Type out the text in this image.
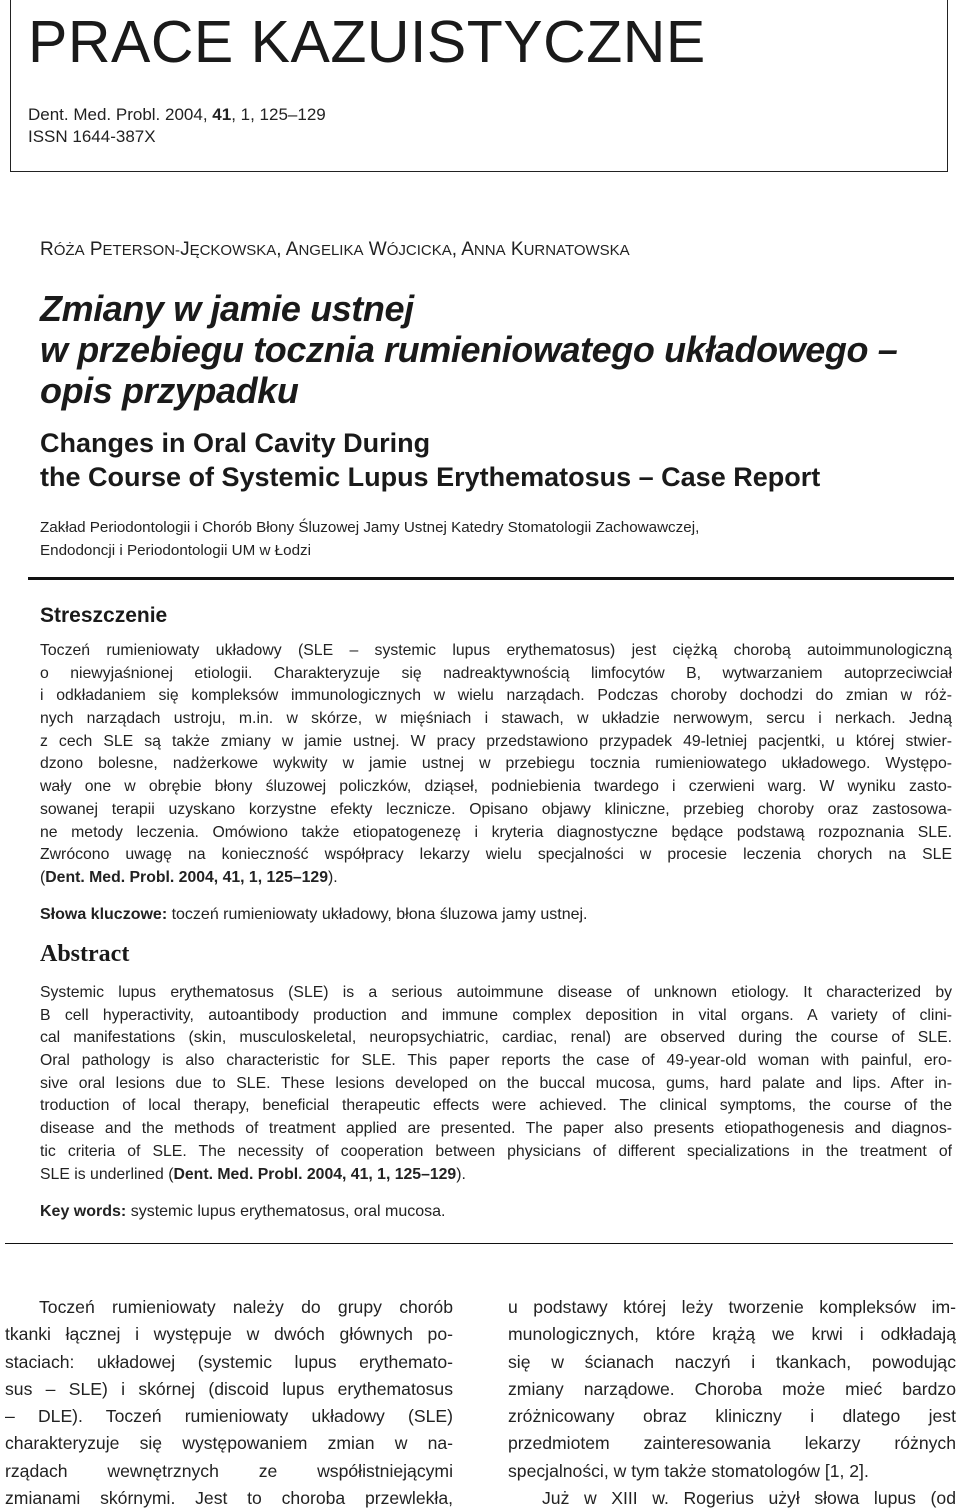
PRACE KAZUISTYCZNE
Dent. Med. Probl. 2004, 41, 1, 125–129
ISSN 1644-387X
RÓŻA PETERSON-JĘCKOWSKA, ANGELIKA WÓJCICKA, ANNA KURNATOWSKA
Zmiany w jamie ustnej
w przebiegu tocznia rumieniowatego układowego –
opis przypadku
Changes in Oral Cavity During
the Course of Systemic Lupus Erythematosus – Case Report
Zakład Periodontologii i Chorób Błony Śluzowej Jamy Ustnej Katedry Stomatologii Zachowawczej,
Endodoncji i Periodontologii UM w Łodzi
Streszczenie
Toczeń rumieniowaty układowy (SLE – systemic lupus erythematosus) jest ciężką chorobą autoimmunologiczną
o niewyjaśnionej etiologii. Charakteryzuje się nadreaktywnością limfocytów B, wytwarzaniem autoprzeciwciał
i odkładaniem się kompleksów immunologicznych w wielu narządach. Podczas choroby dochodzi do zmian w róż-
nych narządach ustroju, m.in. w skórze, w mięśniach i stawach, w układzie nerwowym, sercu i nerkach. Jedną
z cech SLE są także zmiany w jamie ustnej. W pracy przedstawiono przypadek 49-letniej pacjentki, u której stwier-
dzono bolesne, nadżerkowe wykwity w jamie ustnej w przebiegu tocznia rumieniowatego układowego. Występo-
wały one w obrębie błony śluzowej policzków, dziąseł, podniebienia twardego i czerwieni warg. W wyniku zasto-
sowanej terapii uzyskano korzystne efekty lecznicze. Opisano objawy kliniczne, przebieg choroby oraz zastosowa-
ne metody leczenia. Omówiono także etiopatogenezę i kryteria diagnostyczne będące podstawą rozpoznania SLE.
Zwrócono uwagę na konieczność współpracy lekarzy wielu specjalności w procesie leczenia chorych na SLE
(Dent. Med. Probl. 2004, 41, 1, 125–129).
Słowa kluczowe: toczeń rumieniowaty układowy, błona śluzowa jamy ustnej.
Abstract
Systemic lupus erythematosus (SLE) is a serious autoimmune disease of unknown etiology. It characterized by
B cell hyperactivity, autoantibody production and immune complex deposition in vital organs. A variety of clini-
cal manifestations (skin, musculoskeletal, neuropsychiatric, cardiac, renal) are observed during the course of SLE.
Oral pathology is also characteristic for SLE. This paper reports the case of 49-year-old woman with painful, ero-
sive oral lesions due to SLE. These lesions developed on the buccal mucosa, gums, hard palate and lips. After in-
troduction of local therapy, beneficial therapeutic effects were achieved. The clinical symptoms, the course of the
disease and the methods of treatment applied are presented. The paper also presents etiopathogenesis and diagnos-
tic criteria of SLE. The necessity of cooperation between physicians of different specializations in the treatment of
SLE is underlined (Dent. Med. Probl. 2004, 41, 1, 125–129).
Key words: systemic lupus erythematosus, oral mucosa.
Toczeń rumieniowaty należy do grupy chorób
tkanki łącznej i występuje w dwóch głównych po-
staciach: układowej (systemic lupus erythemato-
sus – SLE) i skórnej (discoid lupus erythematosus
– DLE). Toczeń rumieniowaty układowy (SLE)
charakteryzuje się występowaniem zmian w na-
rządach wewnętrznych ze współistniejącymi
zmianami skórnymi. Jest to choroba przewlekła,
u podstawy której leży tworzenie kompleksów im-
munologicznych, które krążą we krwi i odkładają
się w ścianach naczyń i tkankach, powodując
zmiany narządowe. Choroba może mieć bardzo
zróżnicowany obraz kliniczny i dlatego jest
przedmiotem zainteresowania lekarzy różnych
specjalności, w tym także stomatologów [1, 2].
Już w XIII w. Rogerius użył słowa lupus (od
